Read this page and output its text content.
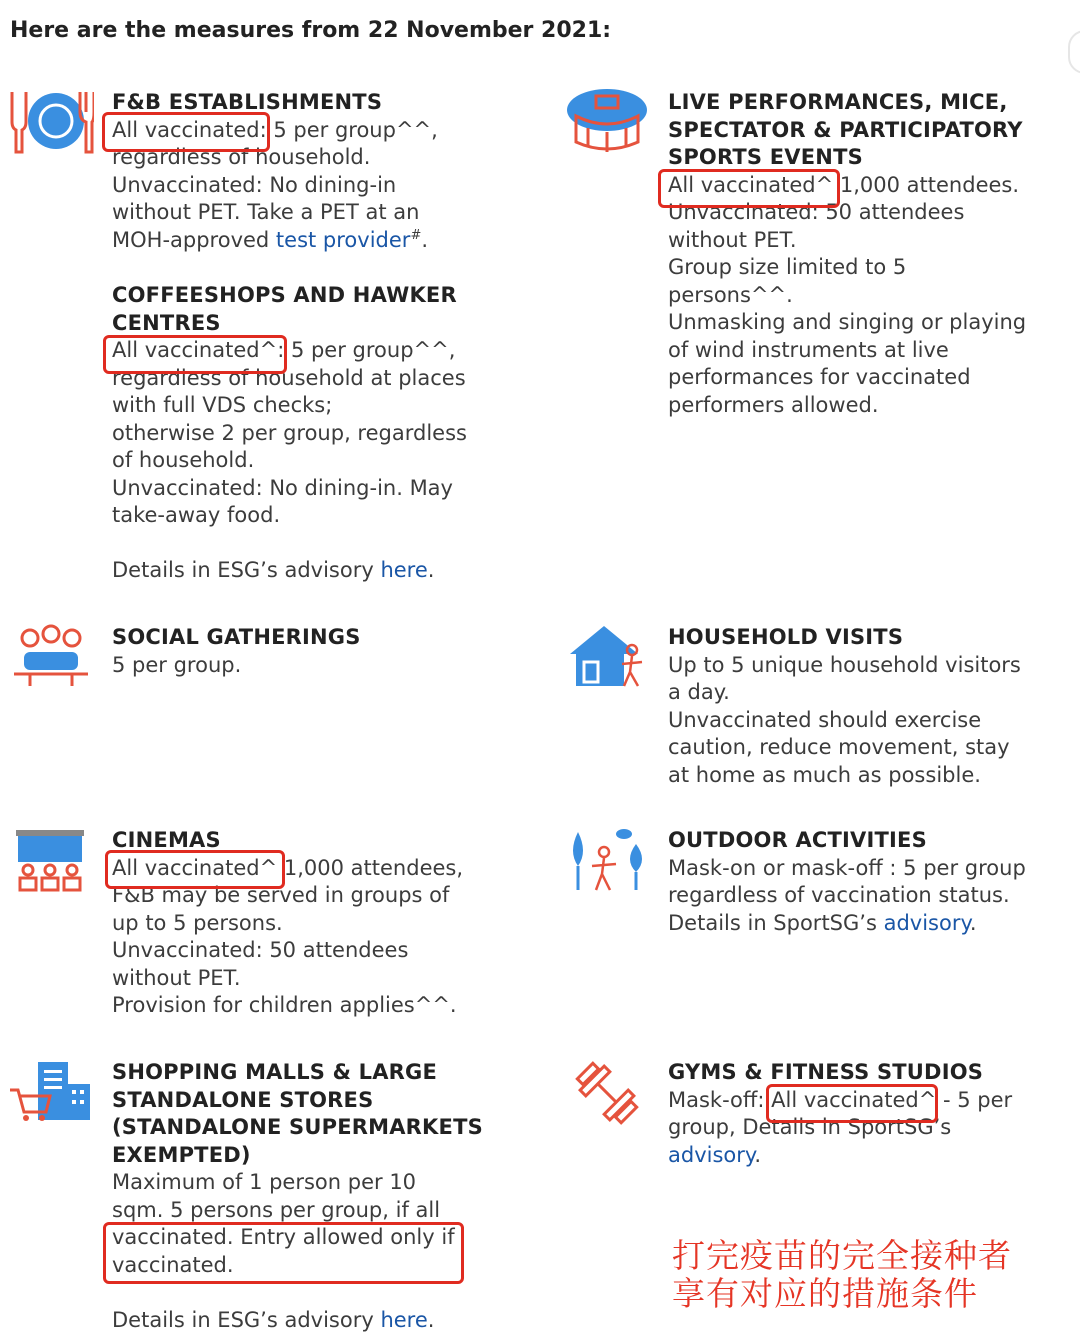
Here are the measures from 22 November 2021:
F&B ESTABLISHMENTS

All vaccinated: 5 per group^^,

regardless of household.

Unvaccinated: No dining-in

without PET. Take a PET at an

MOH-approved test provider#.

COFFEESHOPS AND HAWKER
CENTRES

All vaccinated^: 5 per group^^,

regardless of household at places

with full VDS checks;

otherwise 2 per group, regardless

of household.

Unvaccinated: No dining-in. May

take-away food.

Details in ESG’s advisory here.

LIVE PERFORMANCES, MICE,
SPECTATOR & PARTICIPATORY
SPORTS EVENTS

All vaccinated^ 1,000 attendees.

Unvaccinated: 50 attendees

without PET.

Group size limited to 5

persons^^.

Unmasking and singing or playing

of wind instruments at live

performances for vaccinated

performers allowed.

SOCIAL GATHERINGS

5 per group.

HOUSEHOLD VISITS

Up to 5 unique household visitors

a day.

Unvaccinated should exercise

caution, reduce movement, stay

at home as much as possible.

CINEMAS

All vaccinated^ 1,000 attendees,

F&B may be served in groups of

up to 5 persons.

Unvaccinated: 50 attendees

without PET.

Provision for children applies^^.

OUTDOOR ACTIVITIES

Mask-on or mask-off : 5 per group

regardless of vaccination status.

Details in SportSG’s advisory.

SHOPPING MALLS & LARGE
STANDALONE STORES
(STANDALONE SUPERMARKETS
EXEMPTED)

Maximum of 1 person per 10

sqm. 5 persons per group, if all

vaccinated. Entry allowed only if

vaccinated.

Details in ESG’s advisory here.

GYMS & FITNESS STUDIOS

Mask-off: All vaccinated^ - 5 per

group, Details in SportSG’s

advisory.

打完疫苗的完全接种者
享有对应的措施条件
